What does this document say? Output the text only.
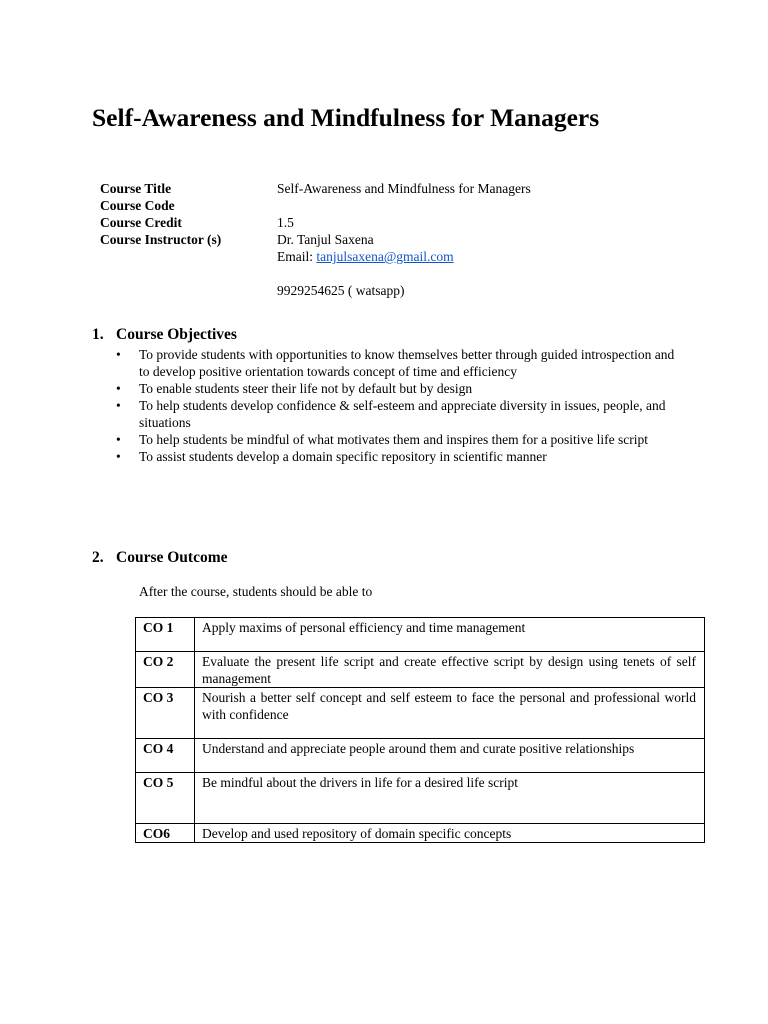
Self-Awareness and Mindfulness for Managers
Course Title	Self-Awareness and Mindfulness for Managers
Course Code
Course Credit	1.5
Course Instructor (s)	Dr. Tanjul Saxena
Email: tanjulsaxena@gmail.com
9929254625 ( watsapp)
1. Course Objectives
• To provide students with opportunities to know themselves better through guided introspection and to develop positive orientation towards concept of time and efficiency
• To enable students steer their life not by default but by design
• To help students develop confidence & self-esteem and appreciate diversity in issues, people, and situations
• To help students be mindful of what motivates them and inspires them for a positive life script
• To assist students develop a domain specific repository in scientific manner
2. Course Outcome

After the course, students should be able to

CO 1	Apply maxims of personal efficiency and time management
CO 2	Evaluate the present life script and create effective script by design using tenets of self management
CO 3	Nourish a better self concept and self esteem to face the personal and professional world with confidence
CO 4	Understand and appreciate people around them and curate positive relationships
CO 5	Be mindful about the drivers in life for a desired life script
CO6	Develop and used repository of domain specific concepts
